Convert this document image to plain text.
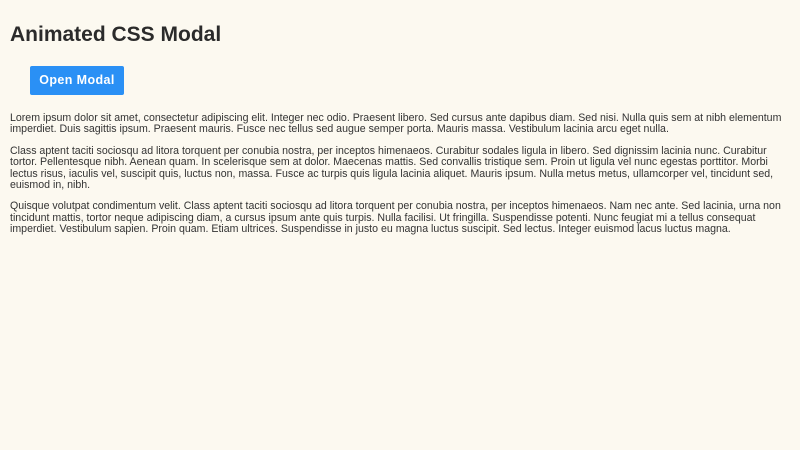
Animated CSS Modal
Open Modal

Lorem ipsum dolor sit amet, consectetur adipiscing elit. Integer nec odio. Praesent libero. Sed cursus ante dapibus diam. Sed nisi. Nulla quis sem at nibh elementum imperdiet. Duis sagittis ipsum. Praesent mauris. Fusce nec tellus sed augue semper porta. Mauris massa. Vestibulum lacinia arcu eget nulla.

Class aptent taciti sociosqu ad litora torquent per conubia nostra, per inceptos himenaeos. Curabitur sodales ligula in libero. Sed dignissim lacinia nunc. Curabitur tortor. Pellentesque nibh. Aenean quam. In scelerisque sem at dolor. Maecenas mattis. Sed convallis tristique sem. Proin ut ligula vel nunc egestas porttitor. Morbi lectus risus, iaculis vel, suscipit quis, luctus non, massa. Fusce ac turpis quis ligula lacinia aliquet. Mauris ipsum. Nulla metus metus, ullamcorper vel, tincidunt sed, euismod in, nibh.

Quisque volutpat condimentum velit. Class aptent taciti sociosqu ad litora torquent per conubia nostra, per inceptos himenaeos. Nam nec ante. Sed lacinia, urna non tincidunt mattis, tortor neque adipiscing diam, a cursus ipsum ante quis turpis. Nulla facilisi. Ut fringilla. Suspendisse potenti. Nunc feugiat mi a tellus consequat imperdiet. Vestibulum sapien. Proin quam. Etiam ultrices. Suspendisse in justo eu magna luctus suscipit. Sed lectus. Integer euismod lacus luctus magna.
